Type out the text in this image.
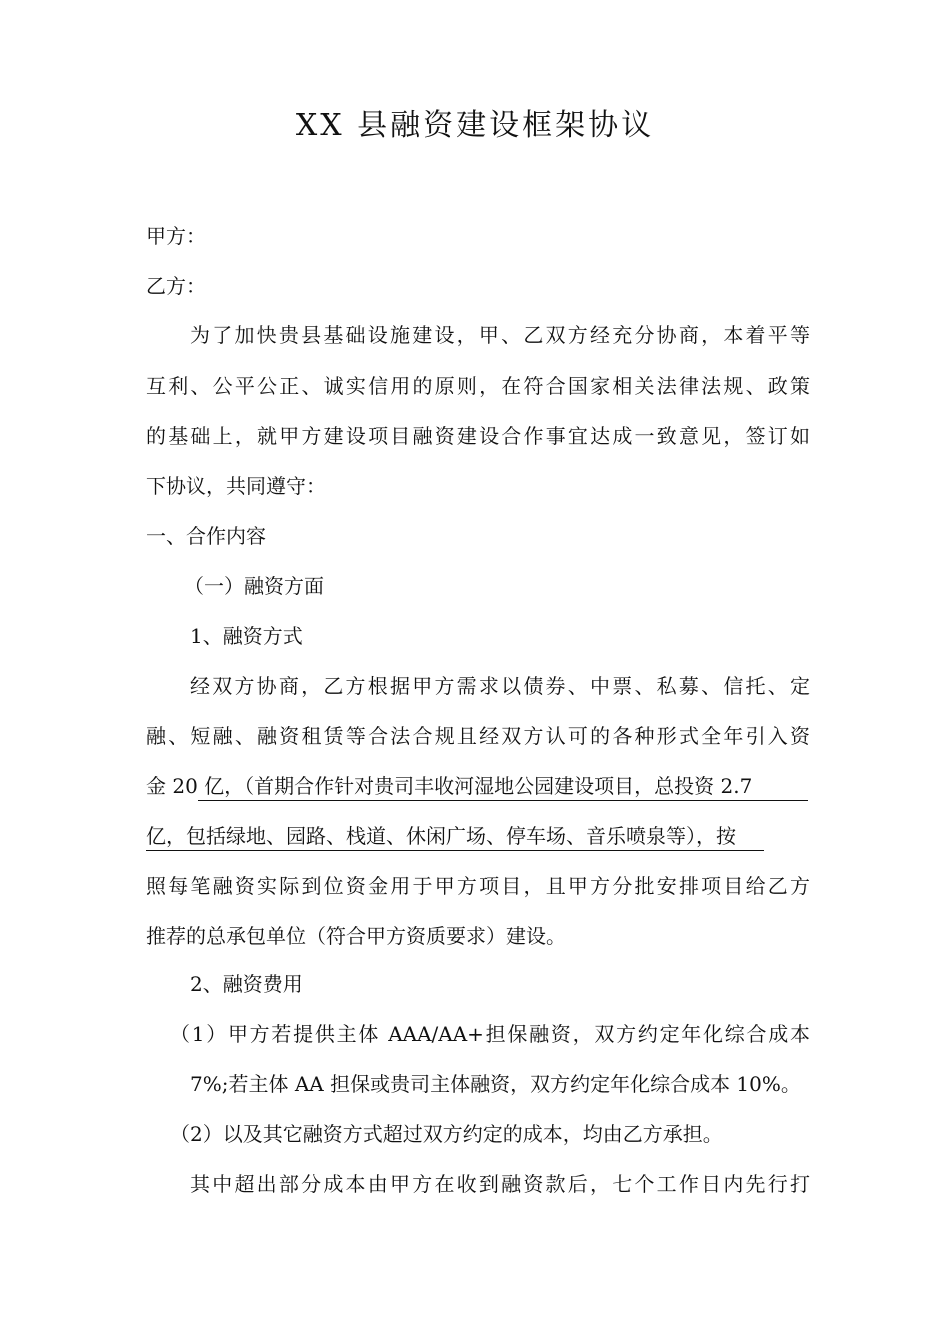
XX 县融资建设框架协议

甲方：

乙方：

为了加快贵县基础设施建设，甲、乙双方经充分协商，本着平等

互利、公平公正、诚实信用的原则，在符合国家相关法律法规、政策

的基础上，就甲方建设项目融资建设合作事宜达成一致意见，签订如

下协议，共同遵守：

一、合作内容

（一）融资方面

1、融资方式

经双方协商，乙方根据甲方需求以债券、中票、私募、信托、定

融、短融、融资租赁等合法合规且经双方认可的各种形式全年引入资

金 20 亿，（首期合作针对贵司丰收河湿地公园建设项目，总投资 2.7

亿，包括绿地、园路、栈道、休闲广场、停车场、音乐喷泉等），按

照每笔融资实际到位资金用于甲方项目，且甲方分批安排项目给乙方

推荐的总承包单位（符合甲方资质要求）建设。

2、融资费用

（1）甲方若提供主体 AAA/AA+担保融资，双方约定年化综合成本

7%;若主体 AA 担保或贵司主体融资，双方约定年化综合成本 10%。

（2）以及其它融资方式超过双方约定的成本，均由乙方承担。

其中超出部分成本由甲方在收到融资款后，七个工作日内先行打
